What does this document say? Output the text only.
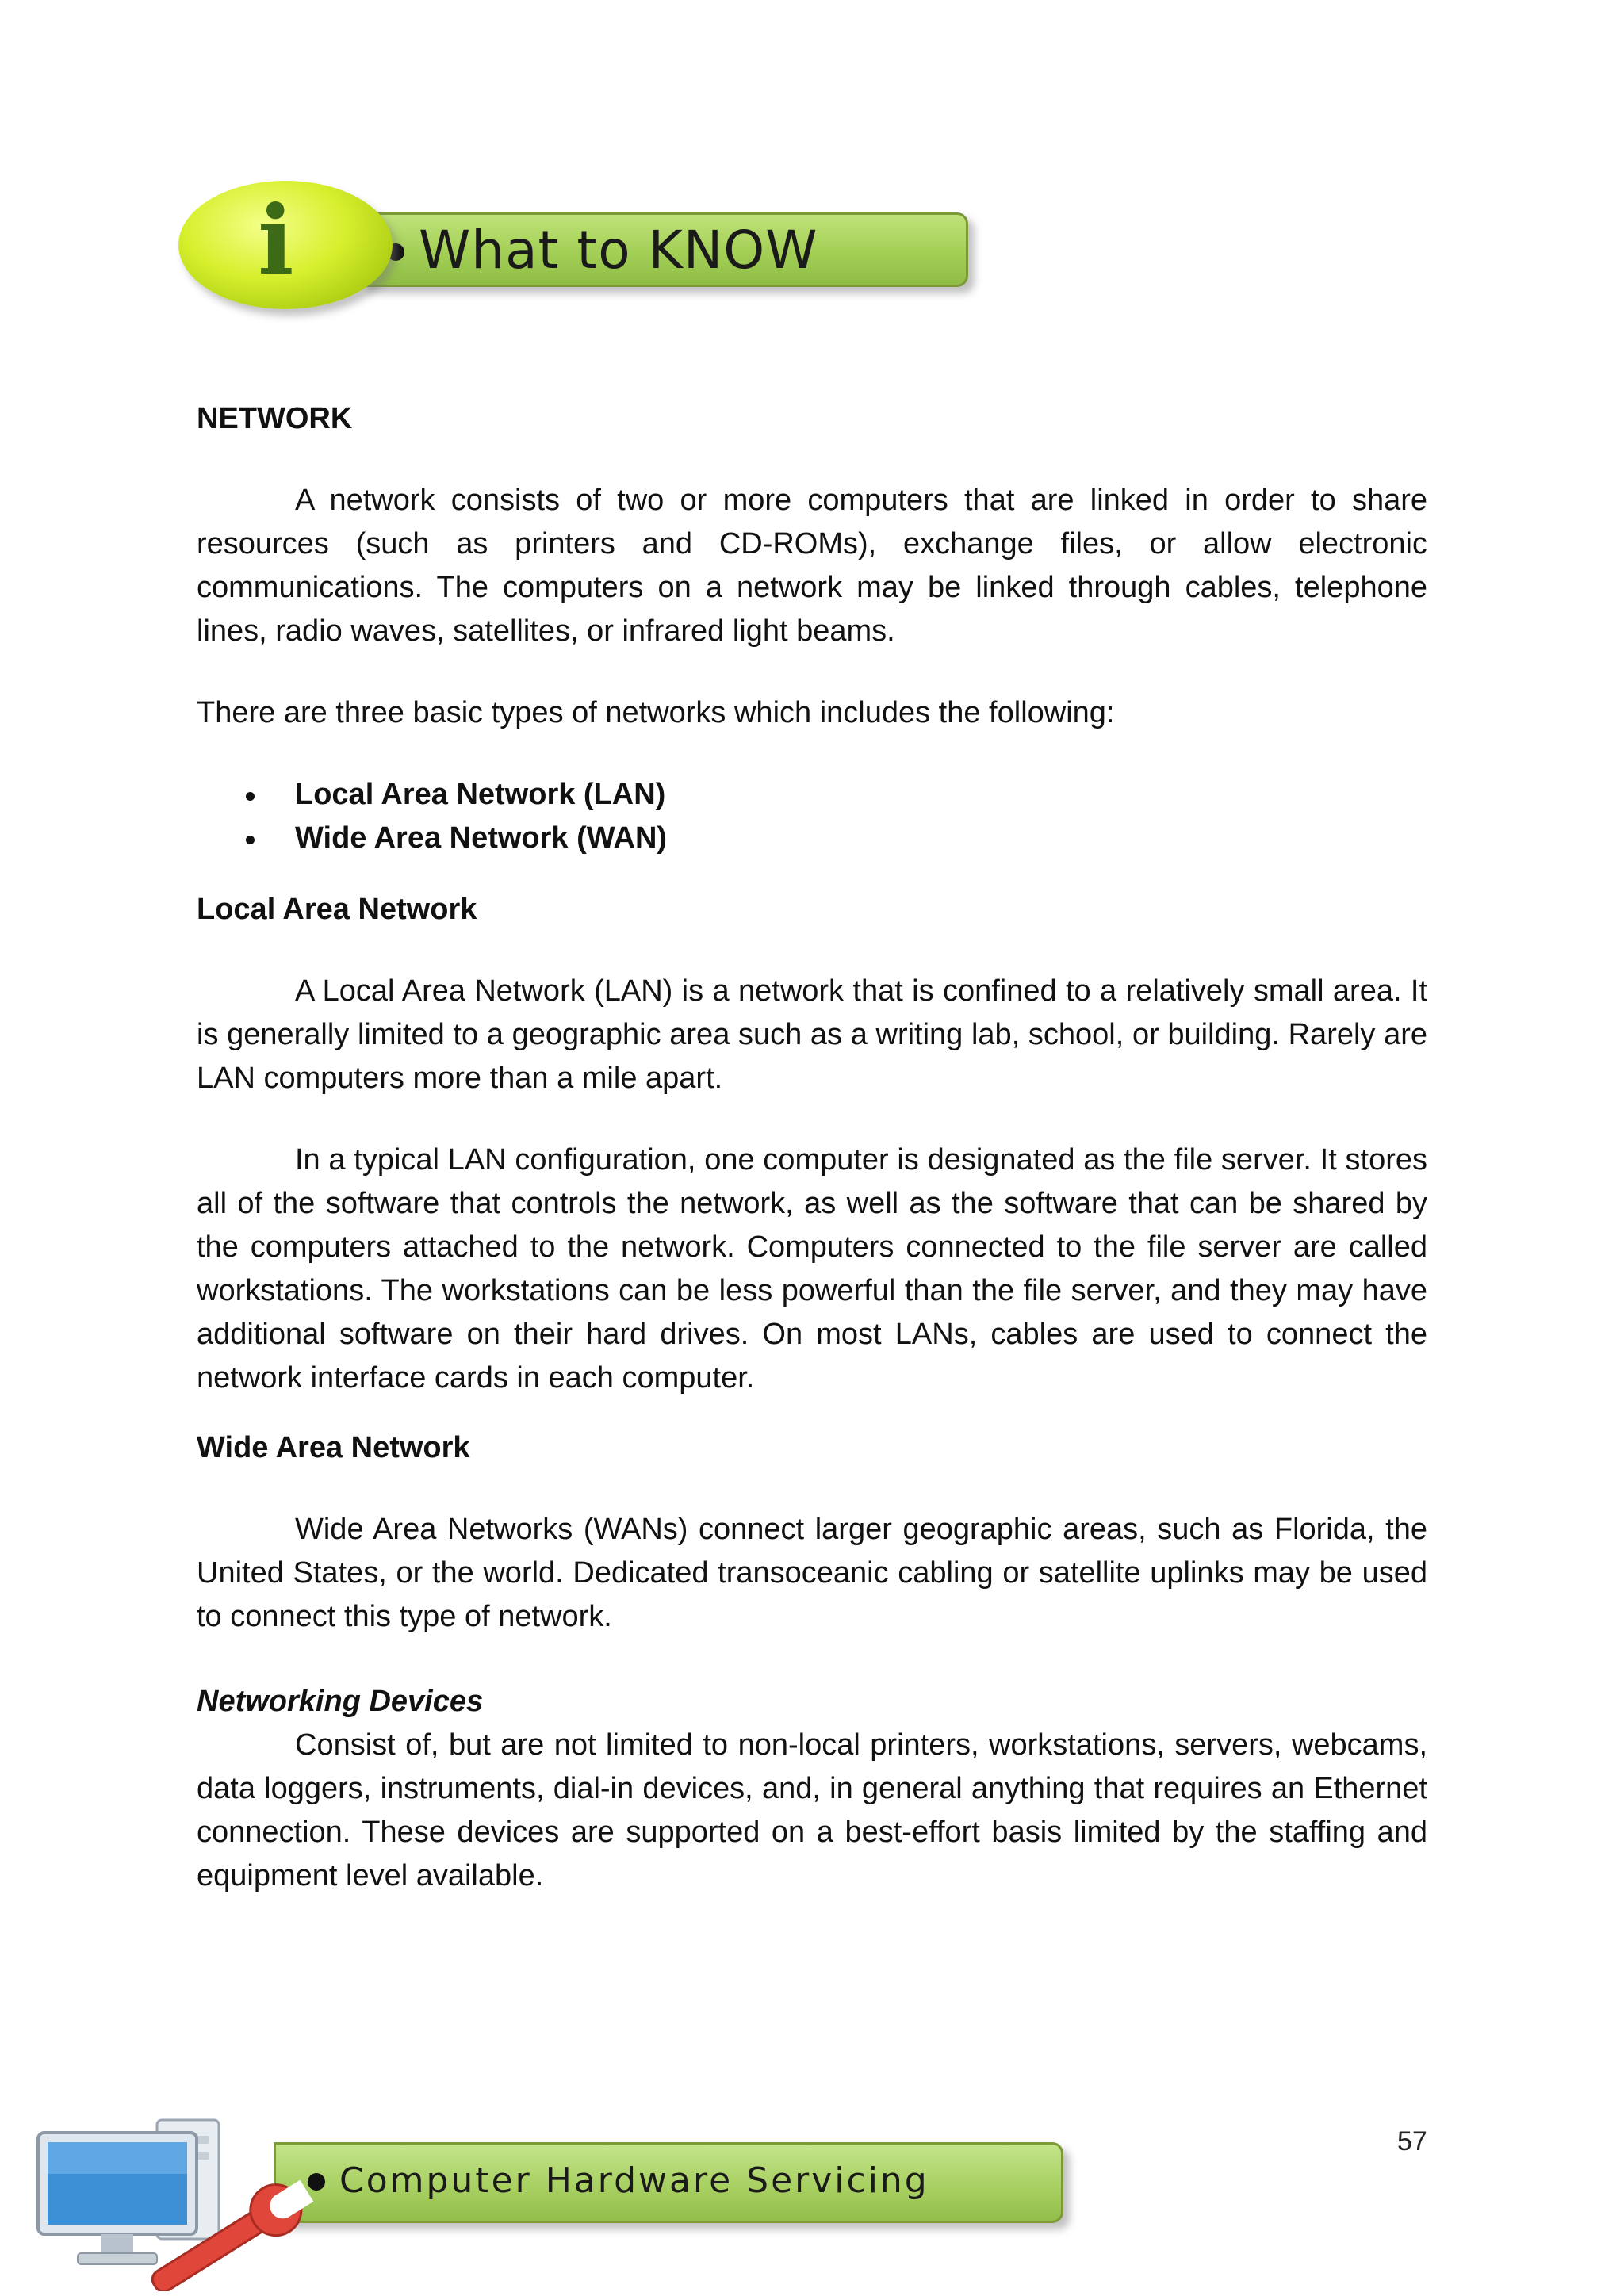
What to KNOW
i

NETWORK

A network consists of two or more computers that are linked in order to share resources (such as printers and CD-ROMs), exchange files, or allow electronic communications. The computers on a network may be linked through cables, telephone lines, radio waves, satellites, or infrared light beams.

There are three basic types of networks which includes the following:

Local Area Network (LAN)
Wide Area Network (WAN)

Local Area Network

A Local Area Network (LAN) is a network that is confined to a relatively small area. It is generally limited to a geographic area such as a writing lab, school, or building. Rarely are LAN computers more than a mile apart.

In a typical LAN configuration, one computer is designated as the file server. It stores all of the software that controls the network, as well as the software that can be shared by the computers attached to the network. Computers connected to the file server are called workstations. The workstations can be less powerful than the file server, and they may have additional software on their hard drives. On most LANs, cables are used to connect the network interface cards in each computer.

Wide Area Network

Wide Area Networks (WANs) connect larger geographic areas, such as Florida, the United States, or the world. Dedicated transoceanic cabling or satellite uplinks may be used to connect this type of network.

Networking Devices

Consist of, but are not limited to non-local printers, workstations, servers, webcams, data loggers, instruments, dial-in devices, and, in general anything that requires an Ethernet connection. These devices are supported on a best-effort basis limited by the staffing and equipment level available.

57
Computer Hardware Servicing
